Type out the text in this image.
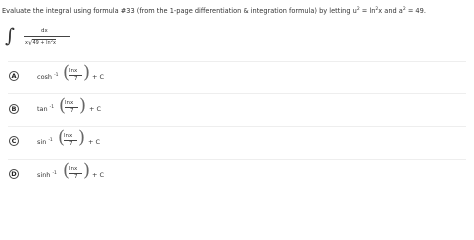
Evaluate the integral using formula #33 (from the 1-page differentiation & integration formula) by letting $u^2 = \ln^2x$ and $a^2 = 49$.
∫	dx
$x√49 + \ln^2x$
A	cosh $^{-1}$ (
lnx
7 ) + C
B	tan $^{-1}$ (
lnx
7 ) + C
C	sin $^{-1}$ (
lnx
7 ) + C
D	sinh $^{-1}$ (
lnx
7 ) + C
